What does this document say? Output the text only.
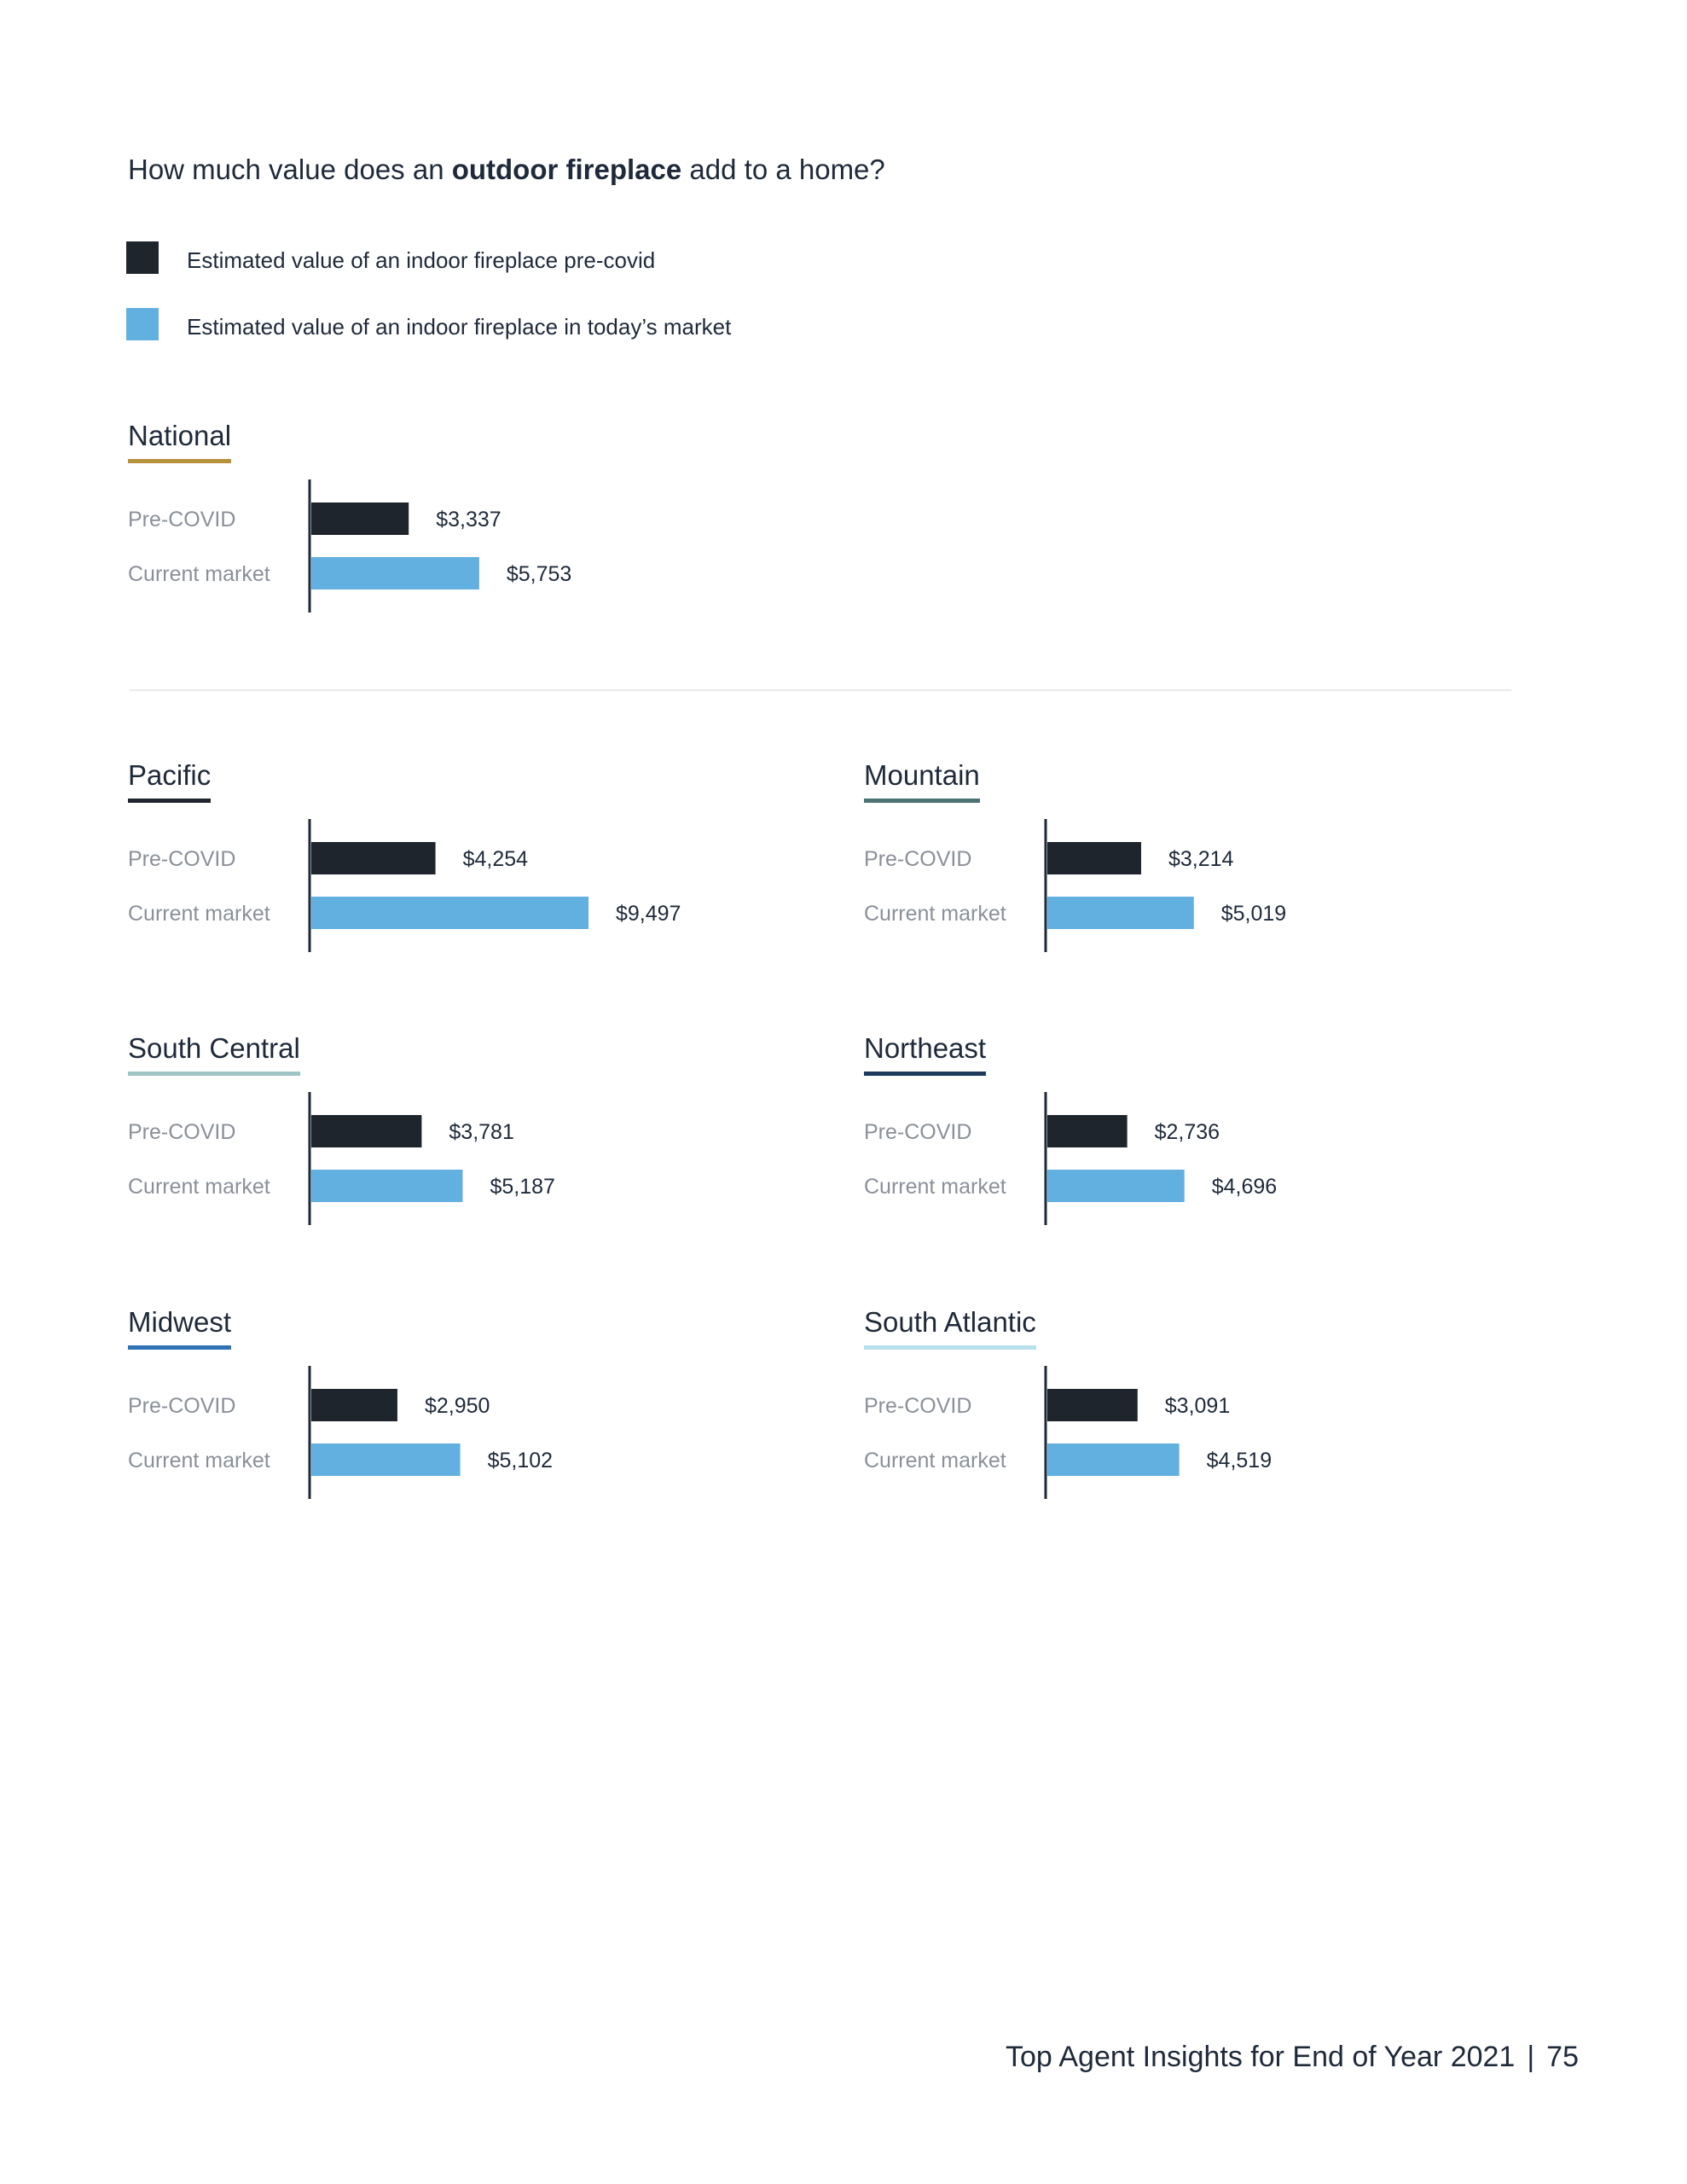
How much value does an outdoor fireplace add to a home?
Estimated value of an indoor fireplace pre-covid
Estimated value of an indoor fireplace in today’s market
National
Pre-COVID	$3,337
Current market	$5,753
Pacific
Pre-COVID	$4,254
Current market	$9,497
Mountain
Pre-COVID	$3,214
Current market	$5,019
South Central
Pre-COVID	$3,781
Current market	$5,187
Northeast
Pre-COVID	$2,736
Current market	$4,696
Midwest
Pre-COVID	$2,950
Current market	$5,102
South Atlantic
Pre-COVID	$3,091
Current market	$4,519
Top Agent Insights for End of Year 2021 | 75
